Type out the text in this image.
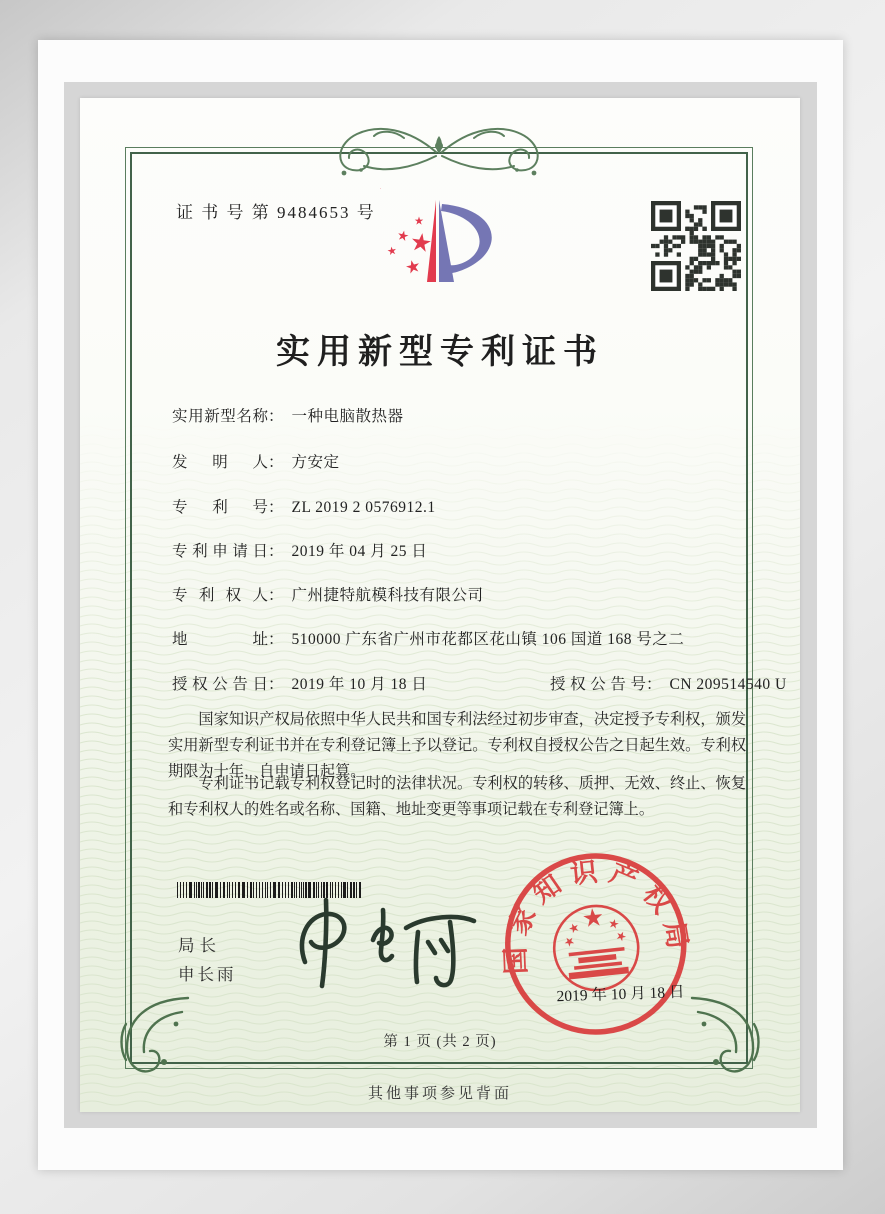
证 书 号 第 9484653 号
实用新型专利证书
实 用 新 型 名 称 ： 一种电脑散热器
发 明 人 ： 方安定
专 利 号 ： ZL 2019 2 0576912.1
专 利 申 请 日 ： 2019 年 04 月 25 日
专 利 权 人 ： 广州捷特航模科技有限公司
地	址 ： 510000 广东省广州市花都区花山镇 106 国道 168 号之二
授 权 公 告 日 ： 2019 年 10 月 18 日	授 权 公 告 号 ： CN 209514540 U

国家知识产权局依照中华人民共和国专利法经过初步审查，决定授予专利权，颁发实用新型专利证书并在专利登记簿上予以登记。专利权自授权公告之日起生效。专利权期限为十年，自申请日起算。

专利证书记载专利权登记时的法律状况。专利权的转移、质押、无效、终止、恢复和专利权人的姓名或名称、国籍、地址变更等事项记载在专利登记簿上。

局长
申长雨	国家知识产权局
2019 年 10 月 18 日
第 1 页 (共 2 页)
其他事项参见背面
